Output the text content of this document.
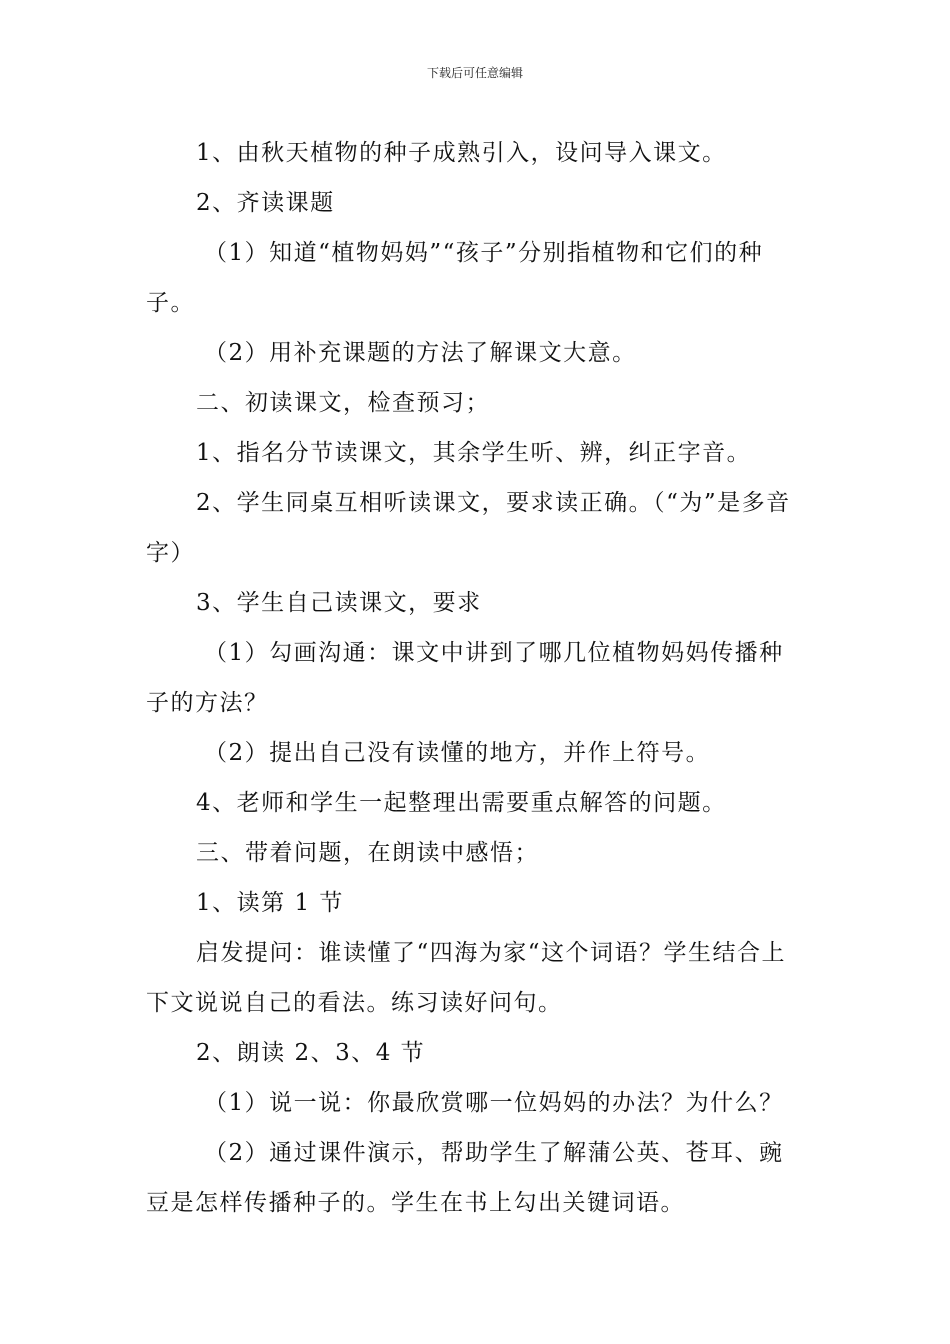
下载后可任意编辑

1、由秋天植物的种子成熟引入，设问导入课文。

2、齐读课题

（1）知道“植物妈妈”“孩子”分别指植物和它们的种子。

（2）用补充课题的方法了解课文大意。

二、初读课文，检查预习；

1、指名分节读课文，其余学生听、辨，纠正字音。

2、学生同桌互相听读课文，要求读正确。（“为”是多音字）

3、学生自己读课文，要求

（1）勾画沟通：课文中讲到了哪几位植物妈妈传播种子的方法？

（2）提出自己没有读懂的地方，并作上符号。

4、老师和学生一起整理出需要重点解答的问题。

三、带着问题，在朗读中感悟；

1、读第 1 节

启发提问：谁读懂了“四海为家“这个词语？学生结合上下文说说自己的看法。练习读好问句。

2、朗读 2、3、4 节

（1）说一说：你最欣赏哪一位妈妈的办法？为什么？

（2）通过课件演示，帮助学生了解蒲公英、苍耳、豌豆是怎样传播种子的。学生在书上勾出关键词语。
